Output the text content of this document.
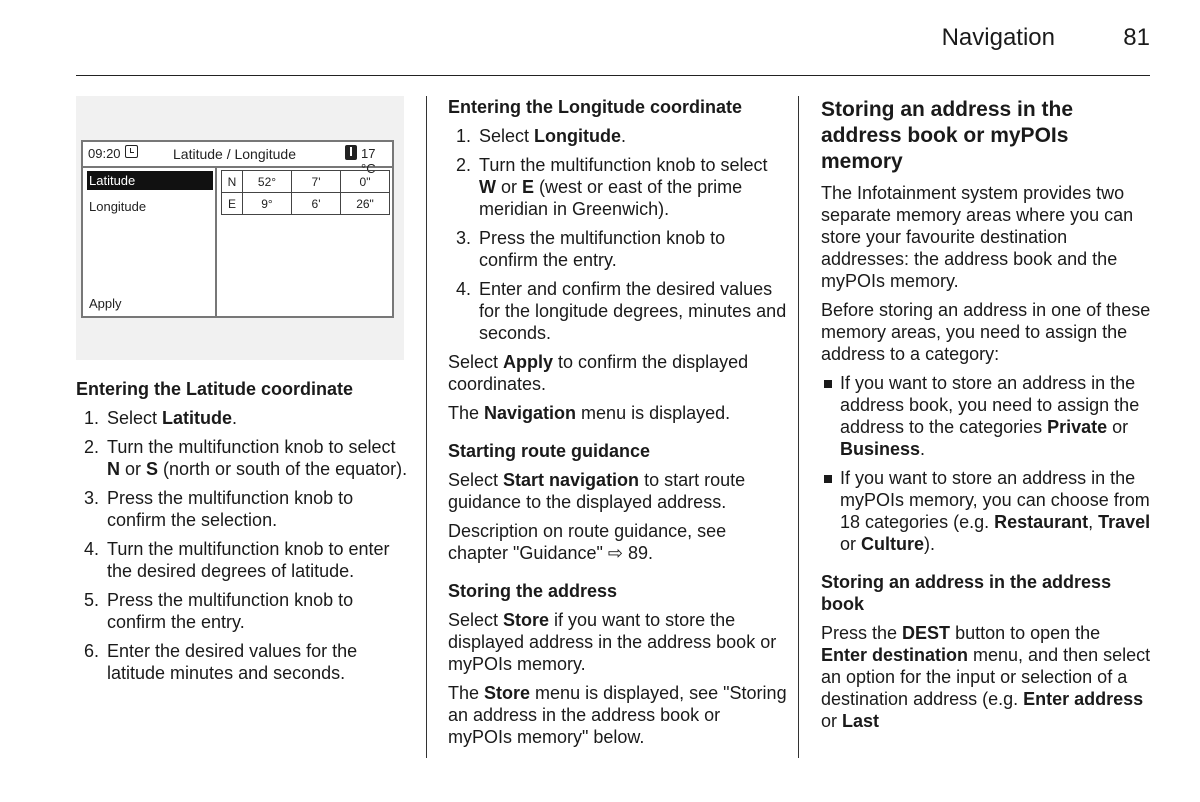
Navigation	81
09:20	Latitude / Longitude	17 °C
Latitude
Longitude
Apply
N	52°	7'	0"
E	9°	6'	26"

Entering the Latitude coordinate

1. Select Latitude.
2. Turn the multifunction knob to select N or S (north or south of the equator).
3. Press the multifunction knob to confirm the selection.
4. Turn the multifunction knob to enter the desired degrees of latitude.
5. Press the multifunction knob to confirm the entry.
6. Enter the desired values for the latitude minutes and seconds.

Entering the Longitude coordinate

1. Select Longitude.
2. Turn the multifunction knob to select W or E (west or east of the prime meridian in Greenwich).
3. Press the multifunction knob to confirm the entry.
4. Enter and confirm the desired values for the longitude degrees, minutes and seconds.

Select Apply to confirm the displayed coordinates.

The Navigation menu is displayed.

Starting route guidance

Select Start navigation to start route guidance to the displayed address.

Description on route guidance, see chapter "Guidance" ⇨ 89.

Storing the address

Select Store if you want to store the displayed address in the address book or myPOIs memory.

The Store menu is displayed, see "Storing an address in the address book or myPOIs memory" below.

Storing an address in the address book or myPOIs memory

The Infotainment system provides two separate memory areas where you can store your favourite destination addresses: the address book and the myPOIs memory.

Before storing an address in one of these memory areas, you need to assign the address to a category:

If you want to store an address in the address book, you need to assign the address to the categories Private or Business.
If you want to store an address in the myPOIs memory, you can choose from 18 categories (e.g. Restaurant, Travel or Culture).

Storing an address in the address book

Press the DEST button to open the Enter destination menu, and then select an option for the input or selection of a destination address (e.g. Enter address or Last
